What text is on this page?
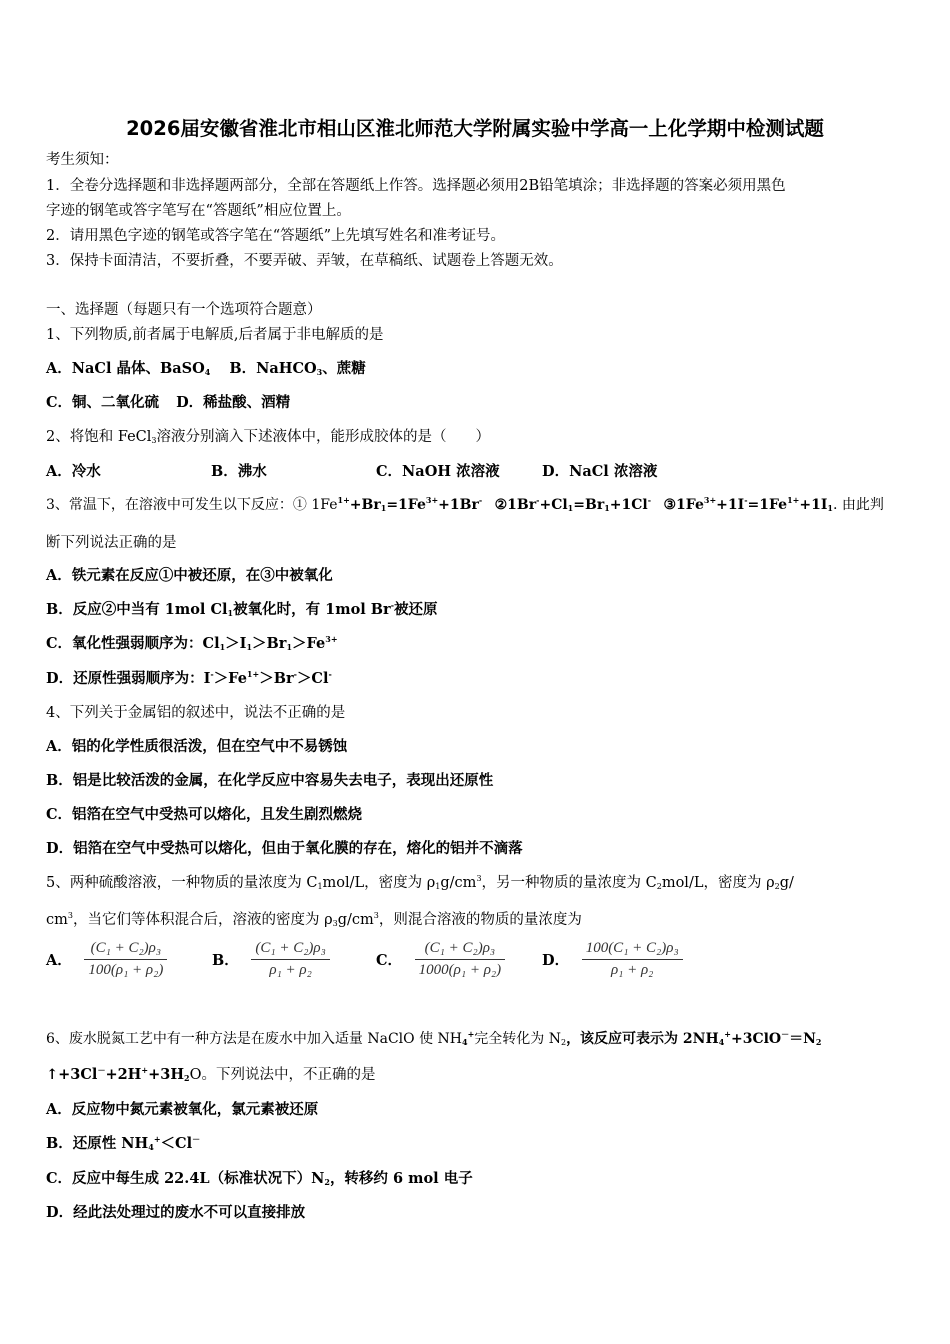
2026届安徽省淮北市相山区淮北师范大学附属实验中学高一上化学期中检测试题
考生须知：
1．全卷分选择题和非选择题两部分，全部在答题纸上作答。选择题必须用2B铅笔填涂；非选择题的答案必须用黑色
字迹的钢笔或答字笔写在“答题纸”相应位置上。
2．请用黑色字迹的钢笔或答字笔在“答题纸”上先填写姓名和准考证号。
3．保持卡面清洁，不要折叠，不要弄破、弄皱，在草稿纸、试题卷上答题无效。
一、选择题（每题只有一个选项符合题意）
1、下列物质,前者属于电解质,后者属于非电解质的是
A．NaCl 晶体、BaSO$_4$ B．NaHCO$_3$、蔗糖
C．铜、二氧化硫 D．稀盐酸、酒精
2、将饱和 FeCl$_3$溶液分别滴入下述液体中，能形成胶体的是（　　）
A．冷水	B．沸水	C．NaOH 浓溶液	D．NaCl 浓溶液
3、常温下，在溶液中可发生以下反应：① $1Fe^{1+}+Br_1=1Fe^{3+}+1Br^-$ $②1Br^-+Cl_1=Br_1+1Cl^-$ $③1Fe^{3+}+1I^-=1Fe^{1+}+1I_1$. 由此判
断下列说法正确的是
A．铁元素在反应①中被还原，在③中被氧化
B．反应②中当有 1mol $Cl_1$被氧化时，有 1mol Br-被还原
C．氧化性强弱顺序为：$Cl_1>I_1>Br_1>Fe^{3+}$
D．还原性强弱顺序为：$I^->Fe^{1+}>Br^->Cl^-$
4、下列关于金属铝的叙述中，说法不正确的是
A．铝的化学性质很活泼，但在空气中不易锈蚀
B．铝是比较活泼的金属，在化学反应中容易失去电子，表现出还原性
C．铝箔在空气中受热可以熔化，且发生剧烈燃烧
D．铝箔在空气中受热可以熔化，但由于氧化膜的存在，熔化的铝并不滴落
5、两种硫酸溶液，一种物质的量浓度为 $C_1mol/L$，密度为 $\rho_1g/cm^3$，另一种物质的量浓度为 $C_2mol/L$，密度为 $\rho_2g/$
$cm^3$，当它们等体积混合后，溶液的密度为 $\rho_3g/cm^3$，则混合溶液的物质的量浓度为
A． $\frac{\text{(C₁ + C₂)ρ₃}}{\text{100(ρ₁ + ρ₂)}}$	B． $\frac{\text{(C₁ + C₂)ρ₃}}{\text{ρ₁ + ρ₂}}$	C． $\frac{\text{(C₁ + C₂)ρ₃}}{\text{1000(ρ₁ + ρ₂)}}$	D． $\frac{\text{100(C₁ + C₂)ρ₃}}{\text{ρ₁ + ρ₂}}$
6、废水脱氮工艺中有一种方法是在废水中加入适量 NaClO 使 $NH_4^+$完全转化为 $N_2$，该反应可表示为 $2NH_4^++3ClO^-=N_2$
$↑+3Cl^-+2H^++3H_2O$。下列说法中，不正确的是
A．反应物中氮元素被氧化，氯元素被还原
B．还原性 $NH_4^+<Cl^-$
C．反应中每生成 22.4L（标准状况下）$N_2$，转移约 6 mol 电子
D．经此法处理过的废水不可以直接排放
